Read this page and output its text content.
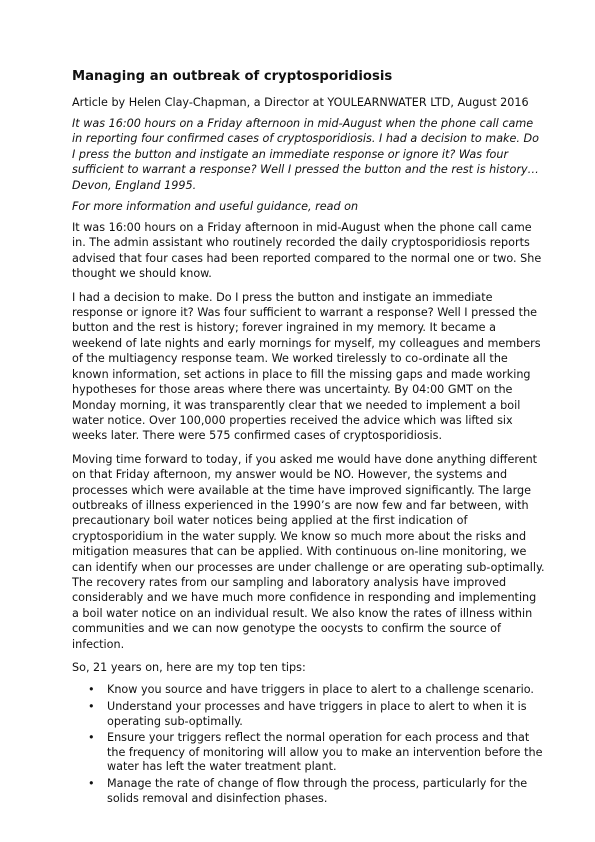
Managing an outbreak of cryptosporidiosis

Article by Helen Clay-Chapman, a Director at YOULEARNWATER LTD, August 2016

It was 16:00 hours on a Friday afternoon in mid-August when the phone call came in reporting four confirmed cases of cryptosporidiosis. I had a decision to make. Do I press the button and instigate an immediate response or ignore it? Was four sufficient to warrant a response? Well I pressed the button and the rest is history… Devon, England 1995.

For more information and useful guidance, read on

It was 16:00 hours on a Friday afternoon in mid-August when the phone call came in. The admin assistant who routinely recorded the daily cryptosporidiosis reports advised that four cases had been reported compared to the normal one or two. She thought we should know.

I had a decision to make. Do I press the button and instigate an immediate response or ignore it? Was four sufficient to warrant a response? Well I pressed the button and the rest is history; forever ingrained in my memory. It became a weekend of late nights and early mornings for myself, my colleagues and members of the multiagency response team. We worked tirelessly to co-ordinate all the known information, set actions in place to fill the missing gaps and made working hypotheses for those areas where there was uncertainty. By 04:00 GMT on the Monday morning, it was transparently clear that we needed to implement a boil water notice. Over 100,000 properties received the advice which was lifted six weeks later. There were 575 confirmed cases of cryptosporidiosis.

Moving time forward to today, if you asked me would have done anything different on that Friday afternoon, my answer would be NO. However, the systems and processes which were available at the time have improved significantly. The large outbreaks of illness experienced in the 1990’s are now few and far between, with precautionary boil water notices being applied at the first indication of cryptosporidium in the water supply. We know so much more about the risks and mitigation measures that can be applied. With continuous on-line monitoring, we can identify when our processes are under challenge or are operating sub-optimally. The recovery rates from our sampling and laboratory analysis have improved considerably and we have much more confidence in responding and implementing a boil water notice on an individual result. We also know the rates of illness within communities and we can now genotype the oocysts to confirm the source of infection.

So, 21 years on, here are my top ten tips:

• Know you source and have triggers in place to alert to a challenge scenario.
• Understand your processes and have triggers in place to alert to when it is operating sub-optimally.
• Ensure your triggers reflect the normal operation for each process and that the frequency of monitoring will allow you to make an intervention before the water has left the water treatment plant.
• Manage the rate of change of flow through the process, particularly for the solids removal and disinfection phases.
